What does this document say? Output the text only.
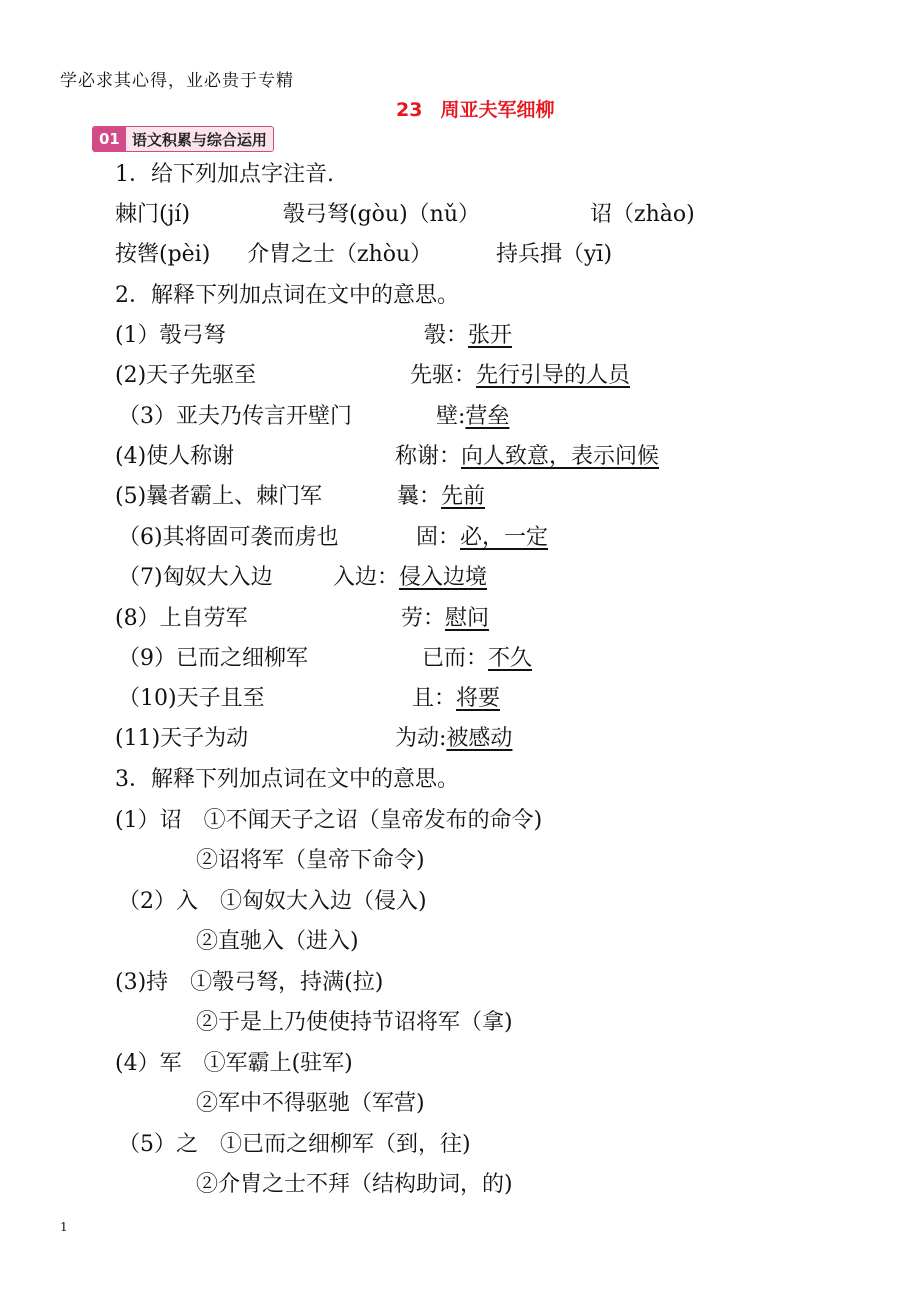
学必求其心得，业必贵于专精
23 周亚夫军细柳
01 语文积累与综合运用
1．给下列加点字注音.
棘门(jí)	彀弓弩(gòu)（nǔ）	诏（zhào)
按辔(pèi) 介胄之士（zhòu）	持兵揖（yī)
2．解释下列加点词在文中的意思。
(1）彀弓弩	彀：张开
(2)天子先驱至	先驱：先行引导的人员
（3）亚夫乃传言开壁门	壁:营垒
(4)使人称谢	称谢：向人致意，表示问候
(5)曩者霸上、棘门军	曩：先前
（6)其将固可袭而虏也	固：必，一定
（7)匈奴大入边	入边：侵入边境
(8）上自劳军	劳：慰问
（9）已而之细柳军	已而：不久
（10)天子且至	且：将要
(11)天子为动	为动:被感动
3．解释下列加点词在文中的意思。
(1）诏　①不闻天子之诏（皇帝发布的命令)
②诏将军（皇帝下命令)
（2）入　①匈奴大入边（侵入)
②直驰入（进入)
(3)持　①彀弓弩，持满(拉)
②于是上乃使使持节诏将军（拿)
(4）军　①军霸上(驻军)
②军中不得驱驰（军营)
（5）之　①已而之细柳军（到，往)
②介胄之士不拜（结构助词，的)
1
